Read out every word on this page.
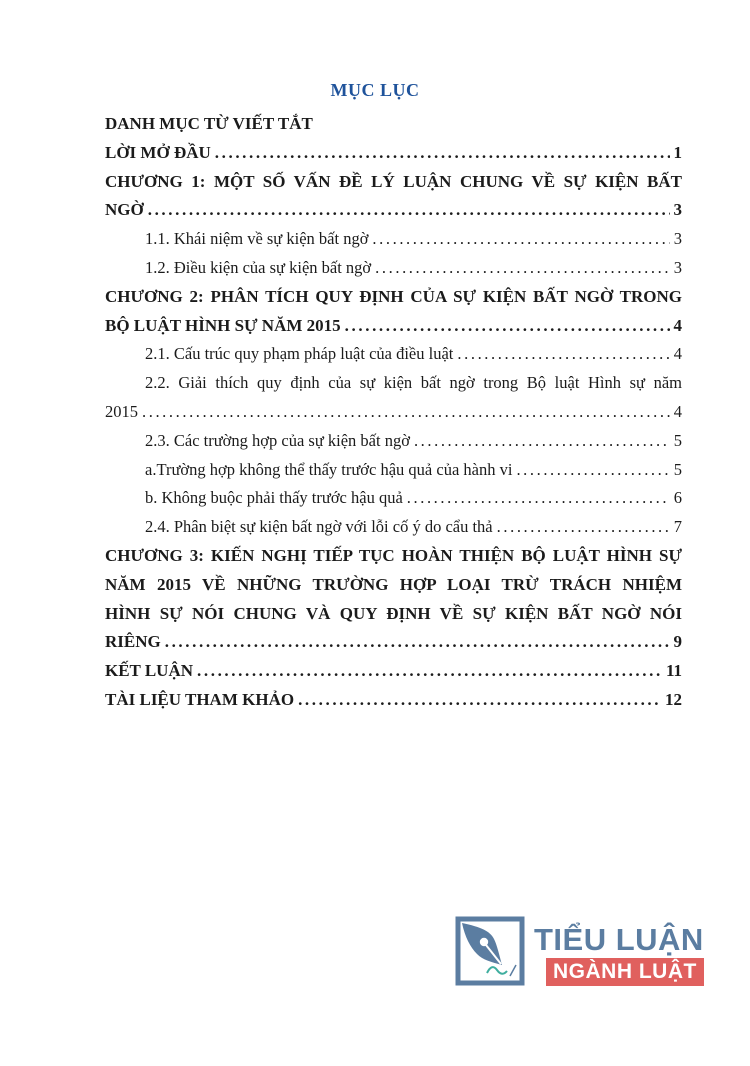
MỤC LỤC
DANH MỤC TỪ VIẾT TẮT
LỜI MỞ ĐẦU .....	1
CHƯƠNG 1: MỘT SỐ VẤN ĐỀ LÝ LUẬN CHUNG VỀ SỰ KIỆN BẤT
NGỜ .....	3
1.1. Khái niệm về sự kiện bất ngờ .....	3
1.2. Điều kiện của sự kiện bất ngờ .....	3
CHƯƠNG 2: PHÂN TÍCH QUY ĐỊNH CỦA SỰ KIỆN BẤT NGỜ TRONG
BỘ LUẬT HÌNH SỰ NĂM 2015 .....	4
2.1. Cấu trúc quy phạm pháp luật của điều luật .....	4
2.2. Giải thích quy định của sự kiện bất ngờ trong Bộ luật Hình sự năm
2015 .....	4
2.3. Các trường hợp của sự kiện bất ngờ .....	5
a.Trường hợp không thể thấy trước hậu quả của hành vi .....	5
b. Không buộc phải thấy trước hậu quả .....	6
2.4. Phân biệt sự kiện bất ngờ với lỗi cố ý do cẩu thả .....	7
CHƯƠNG 3: KIẾN NGHỊ TIẾP TỤC HOÀN THIỆN BỘ LUẬT HÌNH SỰ
NĂM 2015 VỀ NHỮNG TRƯỜNG HỢP LOẠI TRỪ TRÁCH NHIỆM
HÌNH SỰ NÓI CHUNG VÀ QUY ĐỊNH VỀ SỰ KIỆN BẤT NGỜ NÓI
RIÊNG .....	9
KẾT LUẬN .....	11
TÀI LIỆU THAM KHẢO .....	12
TIỂU LUẬN
NGÀNH LUẬT
